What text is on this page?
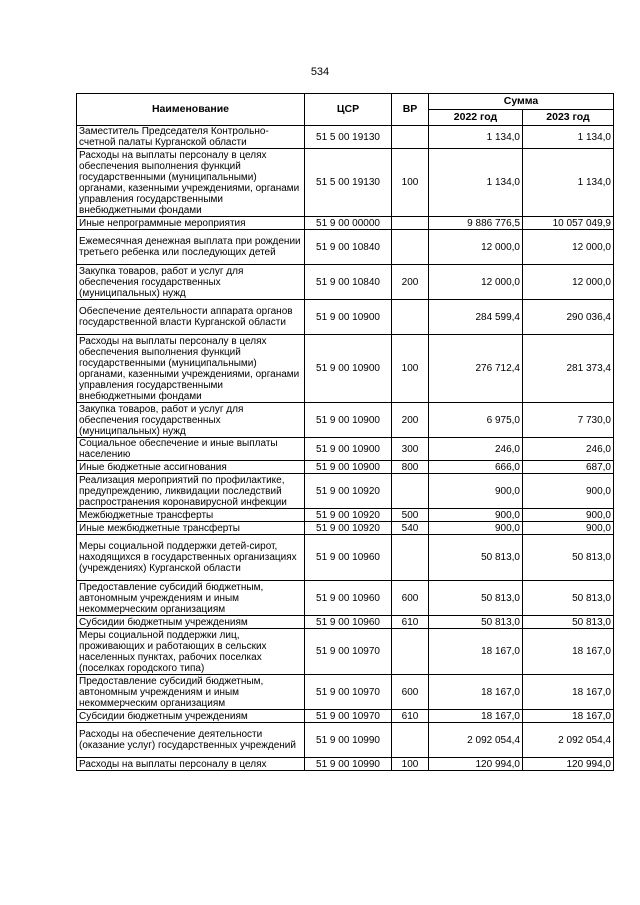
534
Наименование	ЦСР	ВР	Сумма	
			2022 год	2023 год
Заместитель Председателя Контрольно-счетной палаты Курганской области	51 5 00 19130		1 134,0	1 134,0
Расходы на выплаты персоналу в целях обеспечения выполнения функций государственными (муниципальными) органами, казенными учреждениями, органами управления государственными внебюджетными фондами	51 5 00 19130	100	1 134,0	1 134,0
Иные непрограммные мероприятия	51 9 00 00000		9 886 776,5	10 057 049,9
Ежемесячная денежная выплата при рождении третьего ребенка или последующих детей	51 9 00 10840		12 000,0	12 000,0
Закупка товаров, работ и услуг для обеспечения государственных (муниципальных) нужд	51 9 00 10840	200	12 000,0	12 000,0
Обеспечение деятельности аппарата органов государственной власти Курганской области	51 9 00 10900		284 599,4	290 036,4
Расходы на выплаты персоналу в целях обеспечения выполнения функций государственными (муниципальными) органами, казенными учреждениями, органами управления государственными внебюджетными фондами	51 9 00 10900	100	276 712,4	281 373,4
Закупка товаров, работ и услуг для обеспечения государственных (муниципальных) нужд	51 9 00 10900	200	6 975,0	7 730,0
Социальное обеспечение и иные выплаты населению	51 9 00 10900	300	246,0	246,0
Иные бюджетные ассигнования	51 9 00 10900	800	666,0	687,0
Реализация мероприятий по профилактике, предупреждению, ликвидации последствий распространения коронавирусной инфекции	51 9 00 10920		900,0	900,0
Межбюджетные трансферты	51 9 00 10920	500	900,0	900,0
Иные межбюджетные трансферты	51 9 00 10920	540	900,0	900,0
Меры социальной поддержки детей-сирот, находящихся в государственных организациях (учреждениях) Курганской области	51 9 00 10960		50 813,0	50 813,0
Предоставление субсидий бюджетным, автономным учреждениям и иным некоммерческим организациям	51 9 00 10960	600	50 813,0	50 813,0
Субсидии бюджетным учреждениям	51 9 00 10960	610	50 813,0	50 813,0
Меры социальной поддержки лиц, проживающих и работающих в сельских населенных пунктах, рабочих поселках (поселках городского типа)	51 9 00 10970		18 167,0	18 167,0
Предоставление субсидий бюджетным, автономным учреждениям и иным некоммерческим организациям	51 9 00 10970	600	18 167,0	18 167,0
Субсидии бюджетным учреждениям	51 9 00 10970	610	18 167,0	18 167,0
Расходы на обеспечение деятельности (оказание услуг) государственных учреждений	51 9 00 10990		2 092 054,4	2 092 054,4
Расходы на выплаты персоналу в целях	51 9 00 10990	100	120 994,0	120 994,0
